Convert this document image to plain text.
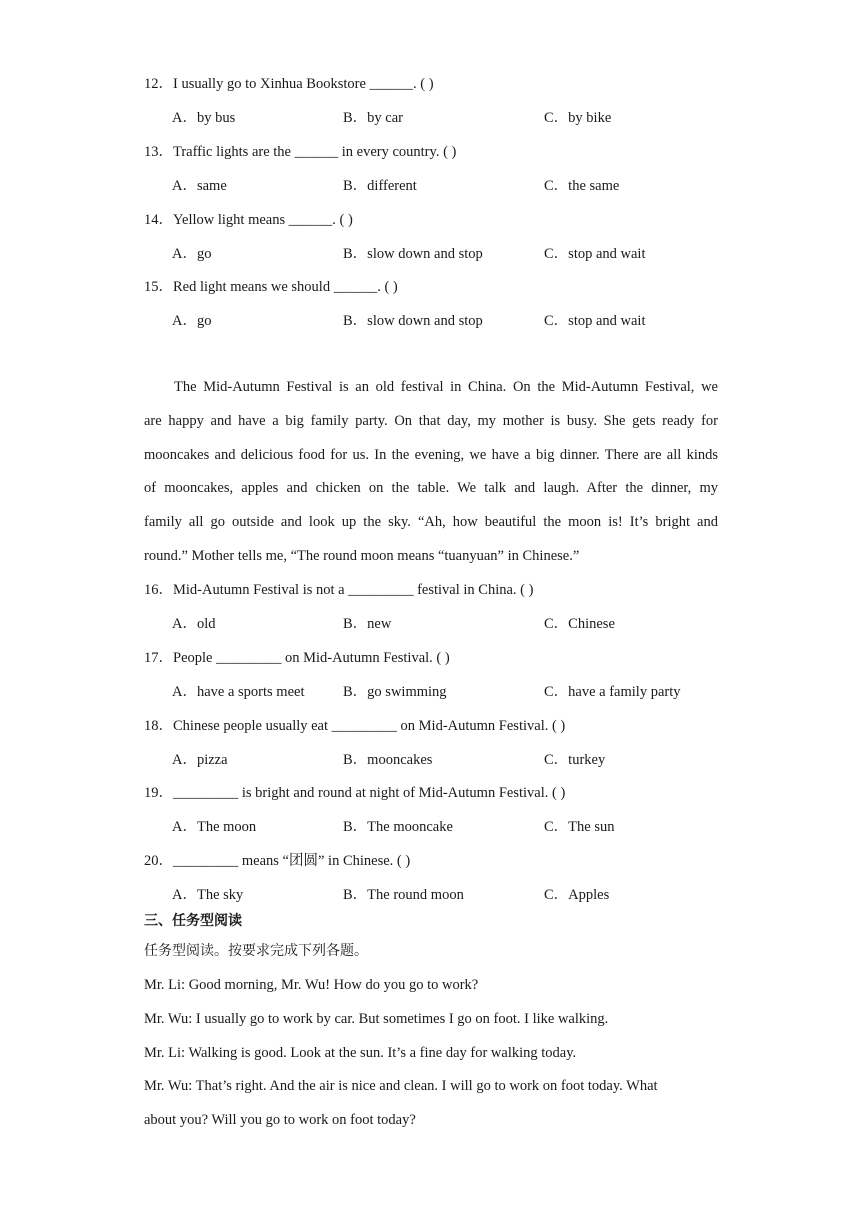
12．I usually go to Xinhua Bookstore ______. ( )
A．by bus	B．by car	C．by bike
13．Traffic lights are the ______ in every country. ( )
A．same	B．different	C．the same
14．Yellow light means ______. ( )
A．go	B．slow down and stop	C．stop and wait
15．Red light means we should ______. ( )
A．go	B．slow down and stop	C．stop and wait
The Mid-Autumn Festival is an old festival in China. On the Mid-Autumn Festival, we
are happy and have a big family party. On that day, my mother is busy. She gets ready for
mooncakes and delicious food for us. In the evening, we have a big dinner. There are all kinds
of mooncakes, apples and chicken on the table. We talk and laugh. After the dinner, my
family all go outside and look up the sky. “Ah, how beautiful the moon is! It’s bright and
round.” Mother tells me, “The round moon means “tuanyuan” in Chinese.”
16．Mid-Autumn Festival is not a _________ festival in China. ( )
A．old	B．new	C．Chinese
17．People _________ on Mid-Autumn Festival. ( )
A．have a sports meet	B．go swimming	C．have a family party
18．Chinese people usually eat _________ on Mid-Autumn Festival. ( )
A．pizza	B．mooncakes	C．turkey
19．_________ is bright and round at night of Mid-Autumn Festival. ( )
A．The moon	B．The mooncake	C．The sun
20．_________ means “团圆” in Chinese. ( )
A．The sky	B．The round moon	C．Apples
三、任务型阅读
任务型阅读。按要求完成下列各题。
Mr. Li: Good morning, Mr. Wu! How do you go to work?
Mr. Wu: I usually go to work by car. But sometimes I go on foot. I like walking.
Mr. Li: Walking is good. Look at the sun. It’s a fine day for walking today.
Mr. Wu: That’s right. And the air is nice and clean. I will go to work on foot today. What
about you? Will you go to work on foot today?
